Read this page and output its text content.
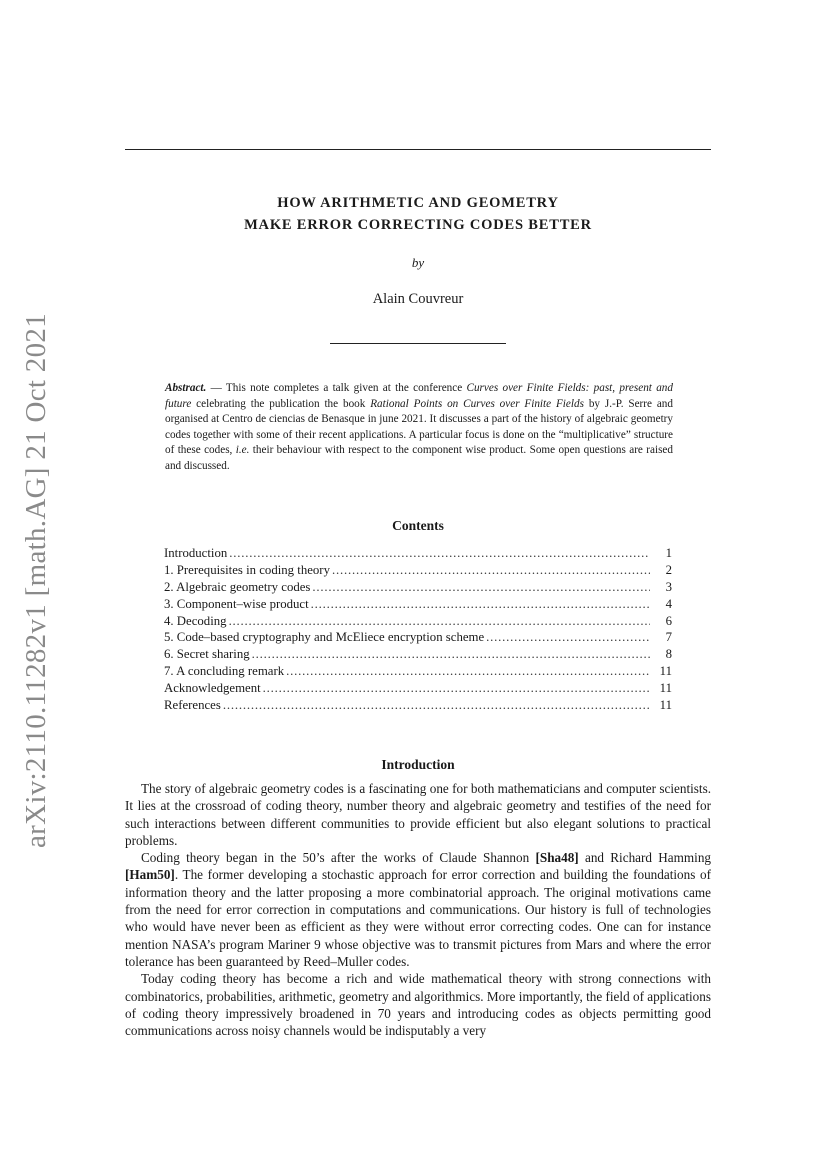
arXiv:2110.11282v1 [math.AG] 21 Oct 2021
HOW ARITHMETIC AND GEOMETRY
MAKE ERROR CORRECTING CODES BETTER
by
Alain Couvreur
Abstract. — This note completes a talk given at the conference Curves over Finite Fields: past, present and future celebrating the publication the book Rational Points on Curves over Finite Fields by J.-P. Serre and organised at Centro de ciencias de Benasque in june 2021. It discusses a part of the history of algebraic geometry codes together with some of their recent applications. A particular focus is done on the “multiplicative” structure of these codes, i.e. their behaviour with respect to the component wise product. Some open questions are raised and discussed.
Contents
Introduction . . .	1
1. Prerequisites in coding theory . . .	2
2. Algebraic geometry codes . . .	3
3. Component–wise product . . .	4
4. Decoding . . .	6
5. Code–based cryptography and McEliece encryption scheme . . .	7
6. Secret sharing . . .	8
7. A concluding remark . . .	11
Acknowledgement . . .	11
References . . .	11
Introduction

The story of algebraic geometry codes is a fascinating one for both mathematicians and computer scientists. It lies at the crossroad of coding theory, number theory and algebraic geometry and testifies of the need for such interactions between different communities to provide efficient but also elegant solutions to practical problems.

Coding theory began in the 50’s after the works of Claude Shannon [Sha48] and Richard Hamming [Ham50]. The former developing a stochastic approach for error correction and building the foundations of information theory and the latter proposing a more combinatorial approach. The original motivations came from the need for error correction in computations and communications. Our history is full of technologies who would have never been as efficient as they were without error correcting codes. One can for instance mention NASA’s program Mariner 9 whose objective was to transmit pictures from Mars and where the error tolerance has been guaranteed by Reed–Muller codes.

Today coding theory has become a rich and wide mathematical theory with strong connections with combinatorics, probabilities, arithmetic, geometry and algorithmics. More importantly, the field of applications of coding theory impressively broadened in 70 years and introducing codes as objects permitting good communications across noisy channels would be indisputably a very
